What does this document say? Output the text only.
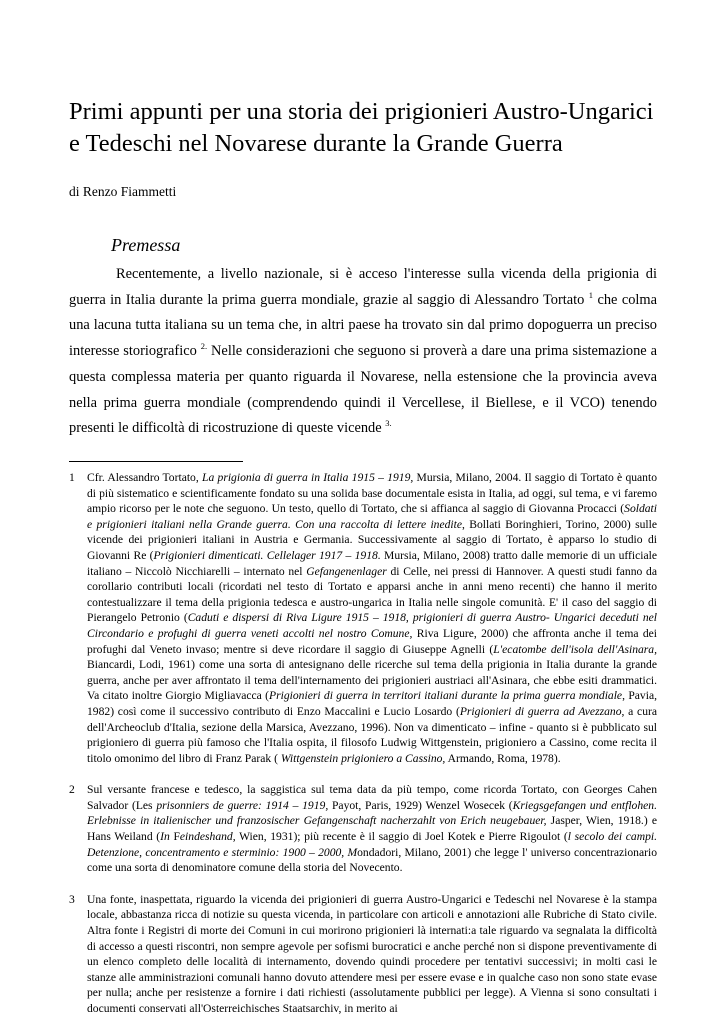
Primi appunti per una storia dei prigionieri Austro-Ungarici
e Tedeschi nel Novarese durante la Grande Guerra
di Renzo Fiammetti
Premessa

Recentemente, a livello nazionale, si è acceso l'interesse sulla vicenda della prigionia di guerra in Italia durante la prima guerra mondiale, grazie al saggio di Alessandro Tortato $^1$ che colma una lacuna tutta italiana su un tema che, in altri paese ha trovato sin dal primo dopoguerra un preciso interesse storiografico $^{2.}$ Nelle considerazioni che seguono si proverà a dare una prima sistemazione a questa complessa materia per quanto riguarda il Novarese, nella estensione che la provincia aveva nella prima guerra mondiale (comprendendo quindi il Vercellese, il Biellese, e il VCO) tenendo presenti le difficoltà di ricostruzione di queste vicende $^{3.}$

1	Cfr. Alessandro Tortato, La prigionia di guerra in Italia 1915 – 1919, Mursia, Milano, 2004. Il saggio di Tortato è quanto di più sistematico e scientificamente fondato su una solida base documentale esista in Italia, ad oggi, sul tema, e vi faremo ampio ricorso per le note che seguono. Un testo, quello di Tortato, che si affianca al saggio di Giovanna Procacci (Soldati e prigionieri italiani nella Grande guerra. Con una raccolta di lettere inedite, Bollati Boringhieri, Torino, 2000) sulle vicende dei prigionieri italiani in Austria e Germania. Successivamente al saggio di Tortato, è apparso lo studio di Giovanni Re (Prigionieri dimenticati. Cellelager 1917 – 1918. Mursia, Milano, 2008) tratto dalle memorie di un ufficiale italiano – Niccolò Nicchiarelli – internato nel Gefangenenlager di Celle, nei pressi di Hannover. A questi studi fanno da corollario contributi locali (ricordati nel testo di Tortato e apparsi anche in anni meno recenti) che hanno il merito contestualizzare il tema della prigionia tedesca e austro-ungarica in Italia nelle singole comunità. E' il caso del saggio di Pierangelo Petronio (Caduti e dispersi di Riva Ligure 1915 – 1918, prigionieri di guerra Austro- Ungarici deceduti nel Circondario e profughi di guerra veneti accolti nel nostro Comune, Riva Ligure, 2000) che affronta anche il tema dei profughi dal Veneto invaso; mentre si deve ricordare il saggio di Giuseppe Agnelli (L'ecatombe dell'isola dell'Asinara, Biancardi, Lodi, 1961) come una sorta di antesignano delle ricerche sul tema della prigionia in Italia durante la grande guerra, anche per aver affrontato il tema dell'internamento dei prigionieri austriaci all'Asinara, che ebbe esiti drammatici. Va citato inoltre Giorgio Migliavacca (Prigionieri di guerra in territori italiani durante la prima guerra mondiale, Pavia, 1982) così come il successivo contributo di Enzo Maccalini e Lucio Losardo (Prigionieri di guerra ad Avezzano, a cura dell'Archeoclub d'Italia, sezione della Marsica, Avezzano, 1996). Non va dimenticato – infine - quanto si è pubblicato sul prigioniero di guerra più famoso che l'Italia ospita, il filosofo Ludwig Wittgenstein, prigioniero a Cassino, come recita il titolo omonimo del libro di Franz Parak ( Wittgenstein prigioniero a Cassino, Armando, Roma, 1978).
2	Sul versante francese e tedesco, la saggistica sul tema data da più tempo, come ricorda Tortato, con Georges Cahen Salvador (Les prisonniers de guerre: 1914 – 1919, Payot, Paris, 1929) Wenzel Wosecek (Kriegsgefangen und entflohen. Erlebnisse in italienischer und franzosischer Gefangenschaft nacherzahlt von Erich neugebauer, Jasper, Wien, 1918.) e Hans Weiland (In Feindeshand, Wien, 1931); più recente è il saggio di Joel Kotek e Pierre Rigoulot (l secolo dei campi. Detenzione, concentramento e sterminio: 1900 – 2000, Mondadori, Milano, 2001) che legge l' universo concentrazionario come una sorta di denominatore comune della storia del Novecento.
3	Una fonte, inaspettata, riguardo la vicenda dei prigionieri di guerra Austro-Ungarici e Tedeschi nel Novarese è la stampa locale, abbastanza ricca di notizie su questa vicenda, in particolare con articoli e annotazioni alle Rubriche di Stato civile. Altra fonte i Registri di morte dei Comuni in cui morirono prigionieri là internati:a tale riguardo va segnalata la difficoltà di accesso a questi riscontri, non sempre agevole per sofismi burocratici e anche perché non si dispone preventivamente di un elenco completo delle località di internamento, dovendo quindi procedere per tentativi successivi; in molti casi le stanze alle amministrazioni comunali hanno dovuto attendere mesi per essere evase e in qualche caso non sono state evase per nulla; anche per resistenze a fornire i dati richiesti (assolutamente pubblici per legge). A Vienna si sono consultati i documenti conservati all'Osterreichisches Staatsarchiv, in merito ai
